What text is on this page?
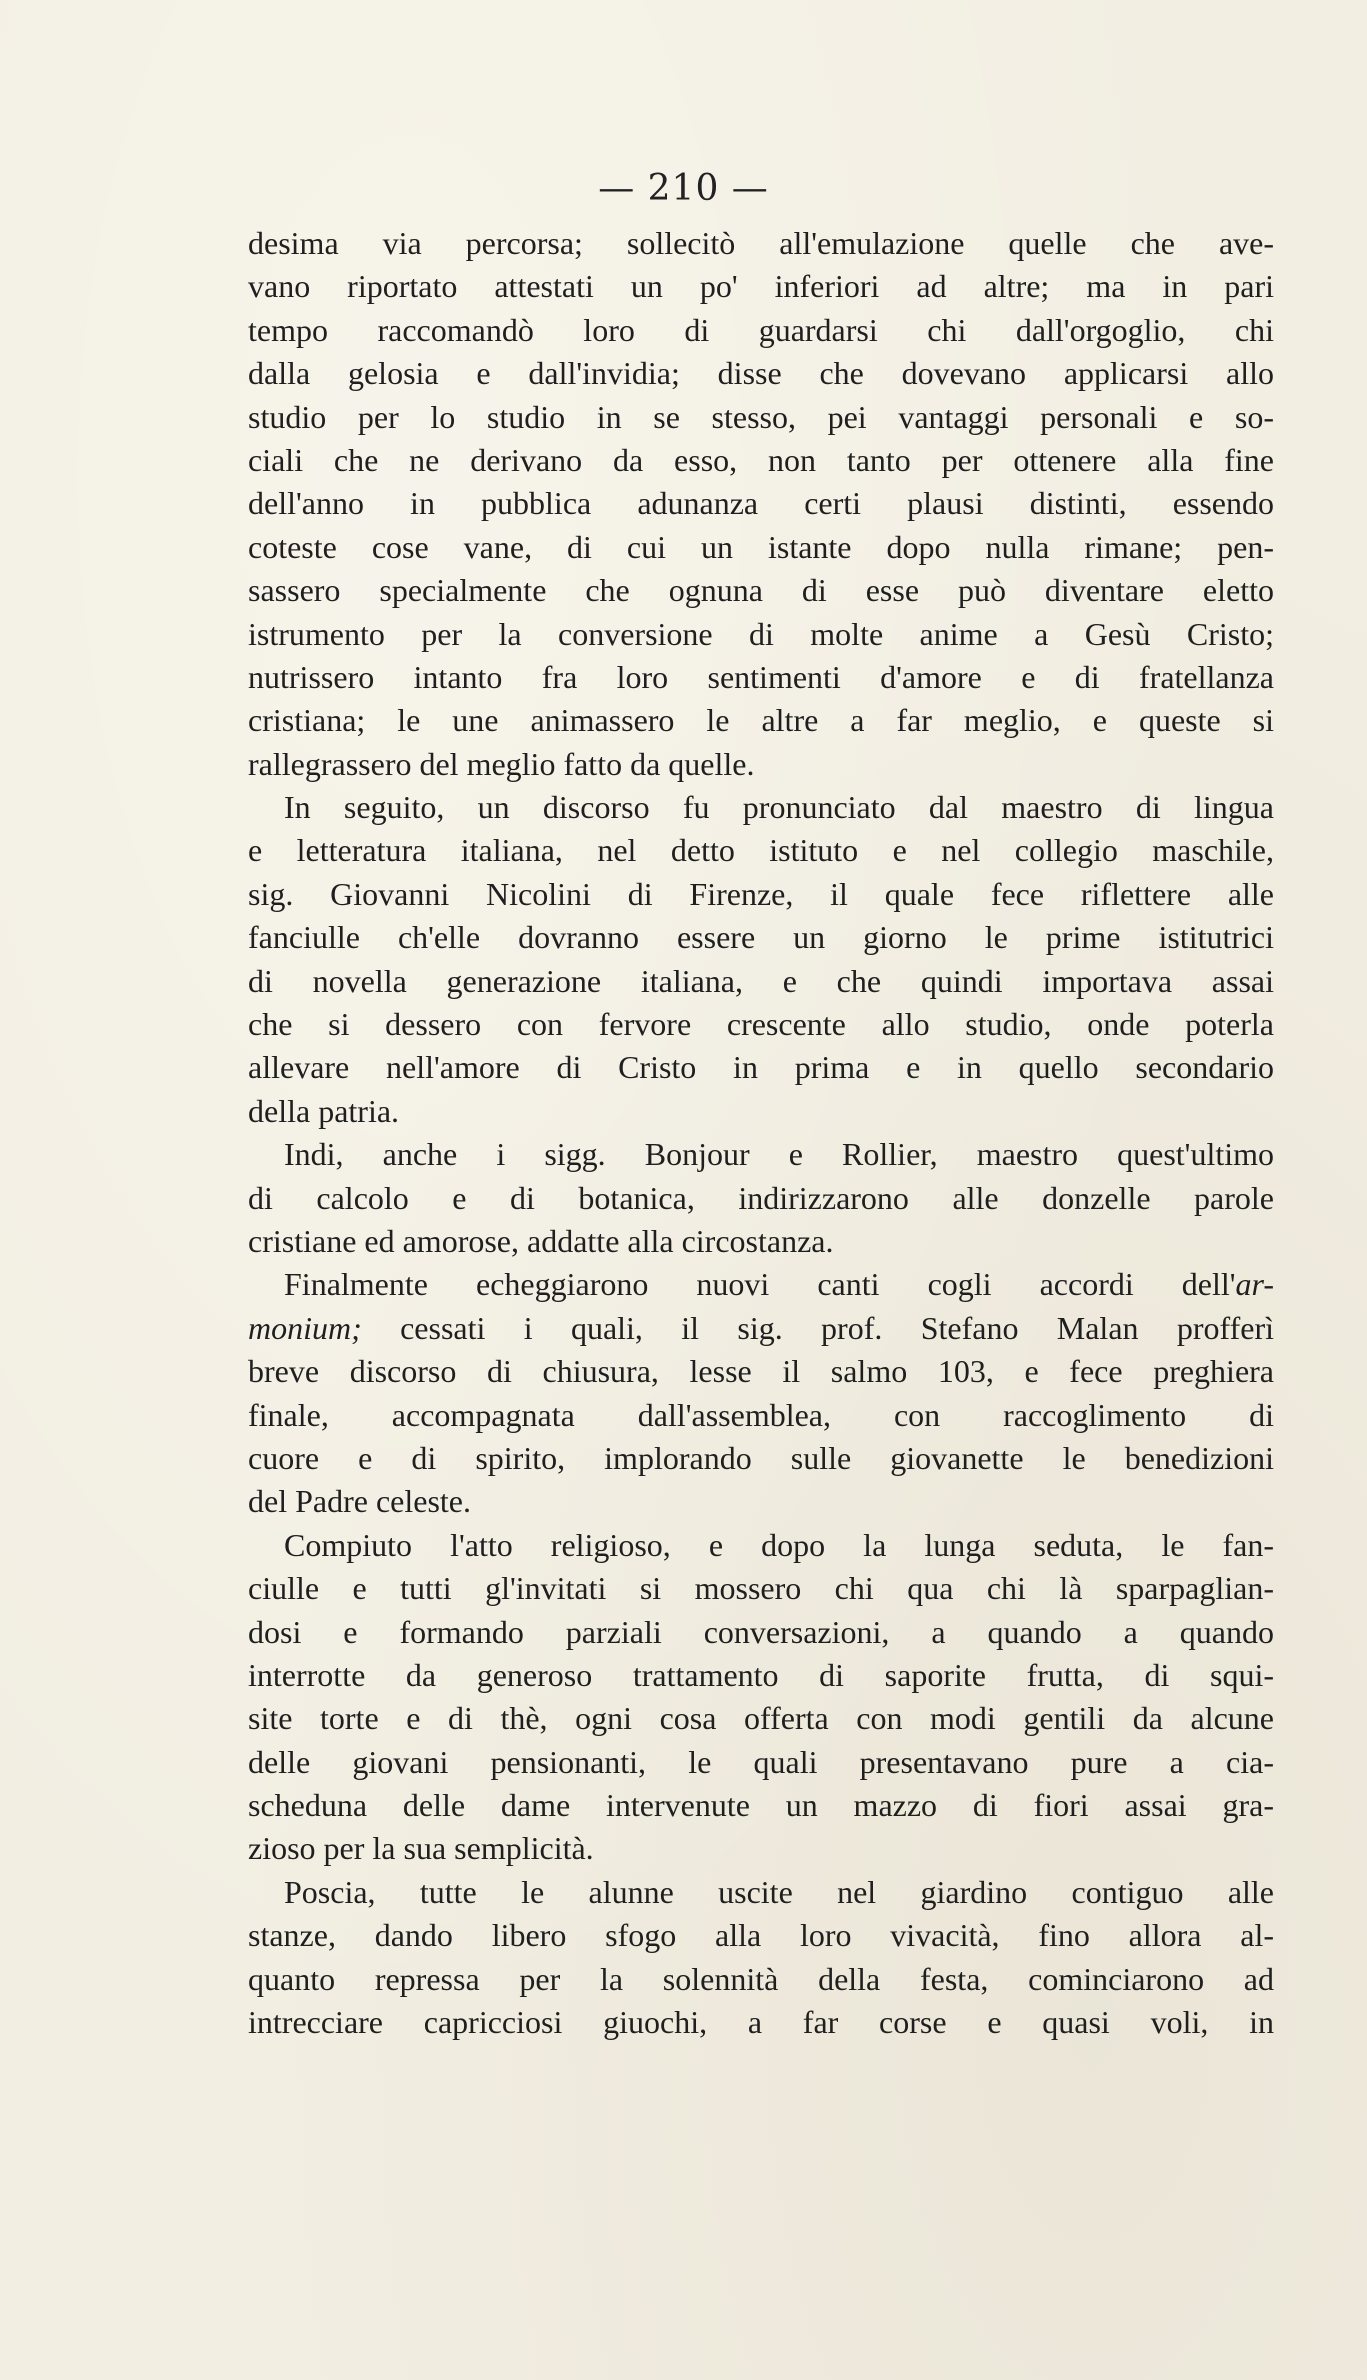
— 210 —
desima via percorsa; sollecitò all'emulazione quelle che ave-
vano riportato attestati un po' inferiori ad altre; ma in pari
tempo raccomandò loro di guardarsi chi dall'orgoglio, chi
dalla gelosia e dall'invidia; disse che dovevano applicarsi allo
studio per lo studio in se stesso, pei vantaggi personali e so-
ciali che ne derivano da esso, non tanto per ottenere alla fine
dell'anno in pubblica adunanza certi plausi distinti, essendo
coteste cose vane, di cui un istante dopo nulla rimane; pen-
sassero specialmente che ognuna di esse può diventare eletto
istrumento per la conversione di molte anime a Gesù Cristo;
nutrissero intanto fra loro sentimenti d'amore e di fratellanza
cristiana; le une animassero le altre a far meglio, e queste si
rallegrassero del meglio fatto da quelle.
In seguito, un discorso fu pronunciato dal maestro di lingua
e letteratura italiana, nel detto istituto e nel collegio maschile,
sig. Giovanni Nicolini di Firenze, il quale fece riflettere alle
fanciulle ch'elle dovranno essere un giorno le prime istitutrici
di novella generazione italiana, e che quindi importava assai
che si dessero con fervore crescente allo studio, onde poterla
allevare nell'amore di Cristo in prima e in quello secondario
della patria.
Indi, anche i sigg. Bonjour e Rollier, maestro quest'ultimo
di calcolo e di botanica, indirizzarono alle donzelle parole
cristiane ed amorose, addatte alla circostanza.
Finalmente echeggiarono nuovi canti cogli accordi dell'ar-
monium; cessati i quali, il sig. prof. Stefano Malan profferì
breve discorso di chiusura, lesse il salmo 103, e fece preghiera
finale, accompagnata dall'assemblea, con raccoglimento di
cuore e di spirito, implorando sulle giovanette le benedizioni
del Padre celeste.
Compiuto l'atto religioso, e dopo la lunga seduta, le fan-
ciulle e tutti gl'invitati si mossero chi qua chi là sparpaglian-
dosi e formando parziali conversazioni, a quando a quando
interrotte da generoso trattamento di saporite frutta, di squi-
site torte e di thè, ogni cosa offerta con modi gentili da alcune
delle giovani pensionanti, le quali presentavano pure a cia-
scheduna delle dame intervenute un mazzo di fiori assai gra-
zioso per la sua semplicità.
Poscia, tutte le alunne uscite nel giardino contiguo alle
stanze, dando libero sfogo alla loro vivacità, fino allora al-
quanto repressa per la solennità della festa, cominciarono ad
intrecciare capricciosi giuochi, a far corse e quasi voli, in
